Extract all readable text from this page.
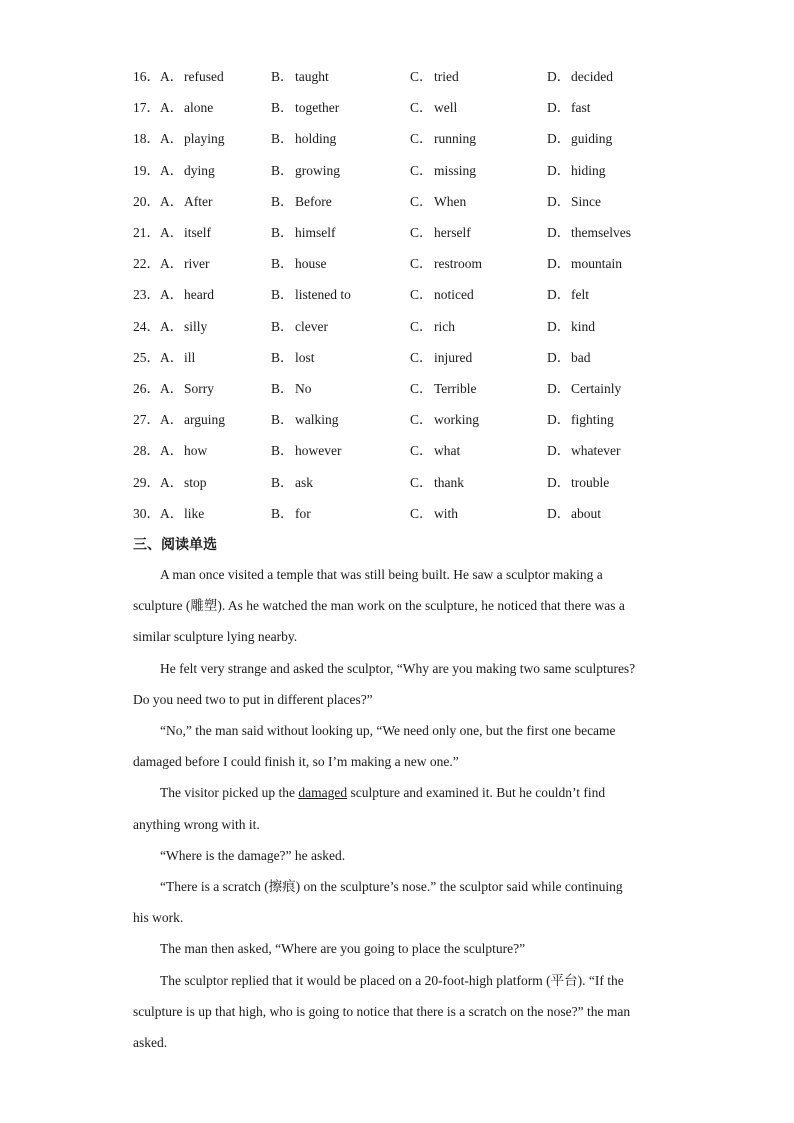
16． A．refused	B．taught	C．tried	D．decided
17． A．alone	B．together	C．well	D．fast
18． A．playing	B．holding	C．running	D．guiding
19． A．dying	B．growing	C．missing	D．hiding
20． A．After	B．Before	C．When	D．Since
21． A．itself	B．himself	C．herself	D．themselves
22． A．river	B．house	C．restroom	D．mountain
23． A．heard	B．listened to	C．noticed	D．felt
24． A．silly	B．clever	C．rich	D．kind
25． A．ill	B．lost	C．injured	D．bad
26． A．Sorry	B．No	C．Terrible	D．Certainly
27． A．arguing	B．walking	C．working	D．fighting
28． A．how	B．however	C．what	D．whatever
29． A．stop	B．ask	C．thank	D．trouble
30． A．like	B．for	C．with	D．about
三、阅读单选
A man once visited a temple that was still being built. He saw a sculptor making a
sculpture (雕塑). As he watched the man work on the sculpture, he noticed that there was a
similar sculpture lying nearby.
He felt very strange and asked the sculptor, “Why are you making two same sculptures?
Do you need two to put in different places?”
“No,” the man said without looking up, “We need only one, but the first one became
damaged before I could finish it, so I’m making a new one.”
The visitor picked up the damaged sculpture and examined it. But he couldn’t find
anything wrong with it.
“Where is the damage?” he asked.
“There is a scratch (擦痕) on the sculpture’s nose.” the sculptor said while continuing
his work.
The man then asked, “Where are you going to place the sculpture?”
The sculptor replied that it would be placed on a 20-foot-high platform (平台). “If the
sculpture is up that high, who is going to notice that there is a scratch on the nose?” the man
asked.
